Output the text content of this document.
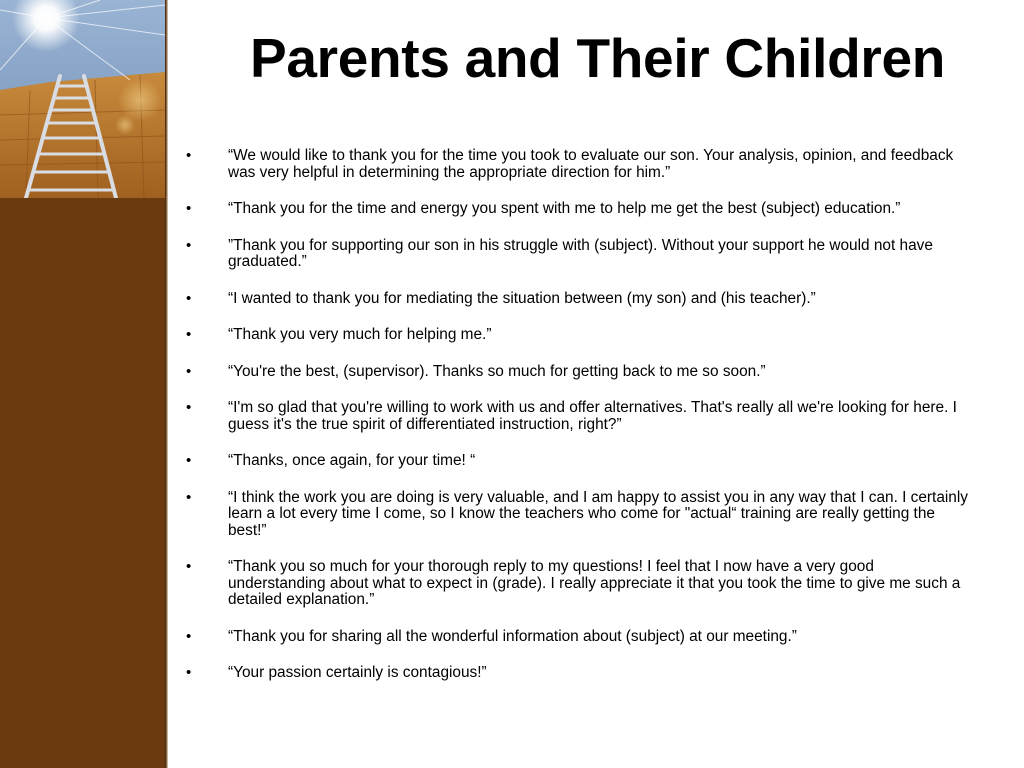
Parents and Their Children
• “We would like to thank you for the time you took to evaluate our son. Your analysis, opinion, and feedback was very helpful in determining the appropriate direction for him.”
• “Thank you for the time and energy you spent with me to help me get the best (subject) education.”
• ”Thank you for supporting our son in his struggle with (subject). Without your support he would not have graduated.”
• “I wanted to thank you for mediating the situation between (my son) and (his teacher).”
• “Thank you very much for helping me.”
• “You're the best, (supervisor). Thanks so much for getting back to me so soon.”
• “I'm so glad that you're willing to work with us and offer alternatives. That's really all we're looking for here. I guess it's the true spirit of differentiated instruction, right?”
• “Thanks, once again, for your time! “
• “I think the work you are doing is very valuable, and I am happy to assist you in any way that I can. I certainly learn a lot every time I come, so I know the teachers who come for "actual“ training are really getting the best!”
• “Thank you so much for your thorough reply to my questions! I feel that I now have a very good understanding about what to expect in (grade). I really appreciate it that you took the time to give me such a detailed explanation.”
• “Thank you for sharing all the wonderful information about (subject) at our meeting.”
• “Your passion certainly is contagious!”
